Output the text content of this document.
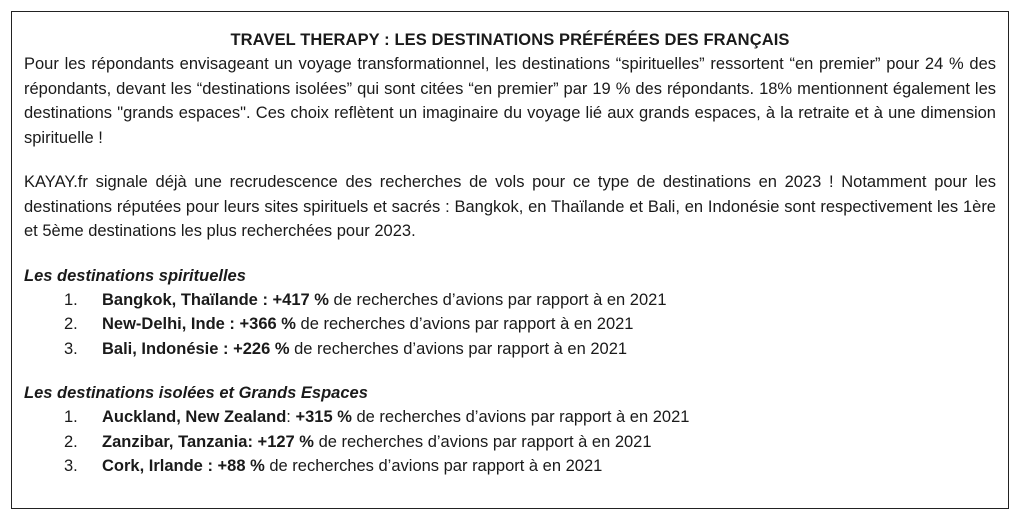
TRAVEL THERAPY : LES DESTINATIONS PRÉFÉRÉES DES FRANÇAIS

Pour les répondants envisageant un voyage transformationnel, les destinations “spirituelles” ressortent “en premier” pour 24 % des répondants, devant les “destinations isolées” qui sont citées “en premier” par 19 % des répondants. 18% mentionnent également les destinations "grands espaces". Ces choix reflètent un imaginaire du voyage lié aux grands espaces, à la retraite et à une dimension spirituelle !

KAYAY.fr signale déjà une recrudescence des recherches de vols pour ce type de destinations en 2023 ! Notamment pour les destinations réputées pour leurs sites spirituels et sacrés : Bangkok, en Thaïlande et Bali, en Indonésie sont respectivement les 1ère et 5ème destinations les plus recherchées pour 2023.

Les destinations spirituelles
1. Bangkok, Thaïlande : +417 % de recherches d’avions par rapport à en 2021
2. New-Delhi, Inde : +366 % de recherches d’avions par rapport à en 2021
3. Bali, Indonésie : +226 % de recherches d’avions par rapport à en 2021
Les destinations isolées et Grands Espaces
1. Auckland, New Zealand: +315 % de recherches d’avions par rapport à en 2021
2. Zanzibar, Tanzania: +127 % de recherches d’avions par rapport à en 2021
3. Cork, Irlande : +88 % de recherches d’avions par rapport à en 2021
